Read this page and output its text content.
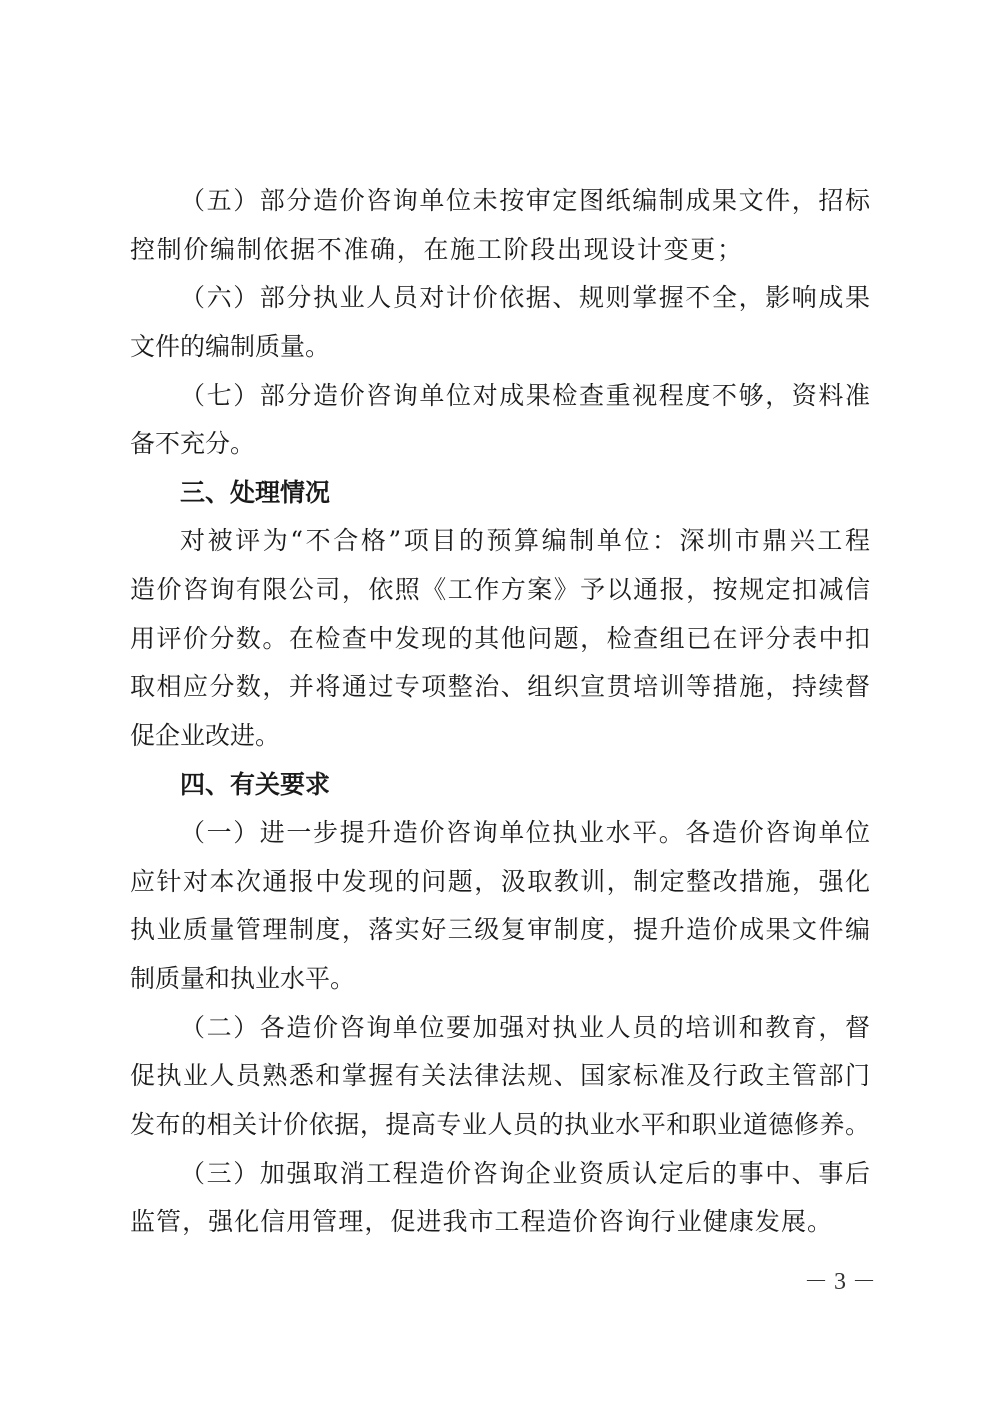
（五）部分造价咨询单位未按审定图纸编制成果文件，招标
控制价编制依据不准确，在施工阶段出现设计变更；
（六）部分执业人员对计价依据、规则掌握不全，影响成果
文件的编制质量。
（七）部分造价咨询单位对成果检查重视程度不够，资料准
备不充分。
三、处理情况
对被评为“不合格”项目的预算编制单位：深圳市鼎兴工程
造价咨询有限公司，依照《工作方案》予以通报，按规定扣减信
用评价分数。在检查中发现的其他问题，检查组已在评分表中扣
取相应分数，并将通过专项整治、组织宣贯培训等措施，持续督
促企业改进。
四、有关要求
（一）进一步提升造价咨询单位执业水平。各造价咨询单位
应针对本次通报中发现的问题，汲取教训，制定整改措施，强化
执业质量管理制度，落实好三级复审制度，提升造价成果文件编
制质量和执业水平。
（二）各造价咨询单位要加强对执业人员的培训和教育，督
促执业人员熟悉和掌握有关法律法规、国家标准及行政主管部门
发布的相关计价依据，提高专业人员的执业水平和职业道德修养。
（三）加强取消工程造价咨询企业资质认定后的事中、事后
监管，强化信用管理，促进我市工程造价咨询行业健康发展。
－ 3 －
